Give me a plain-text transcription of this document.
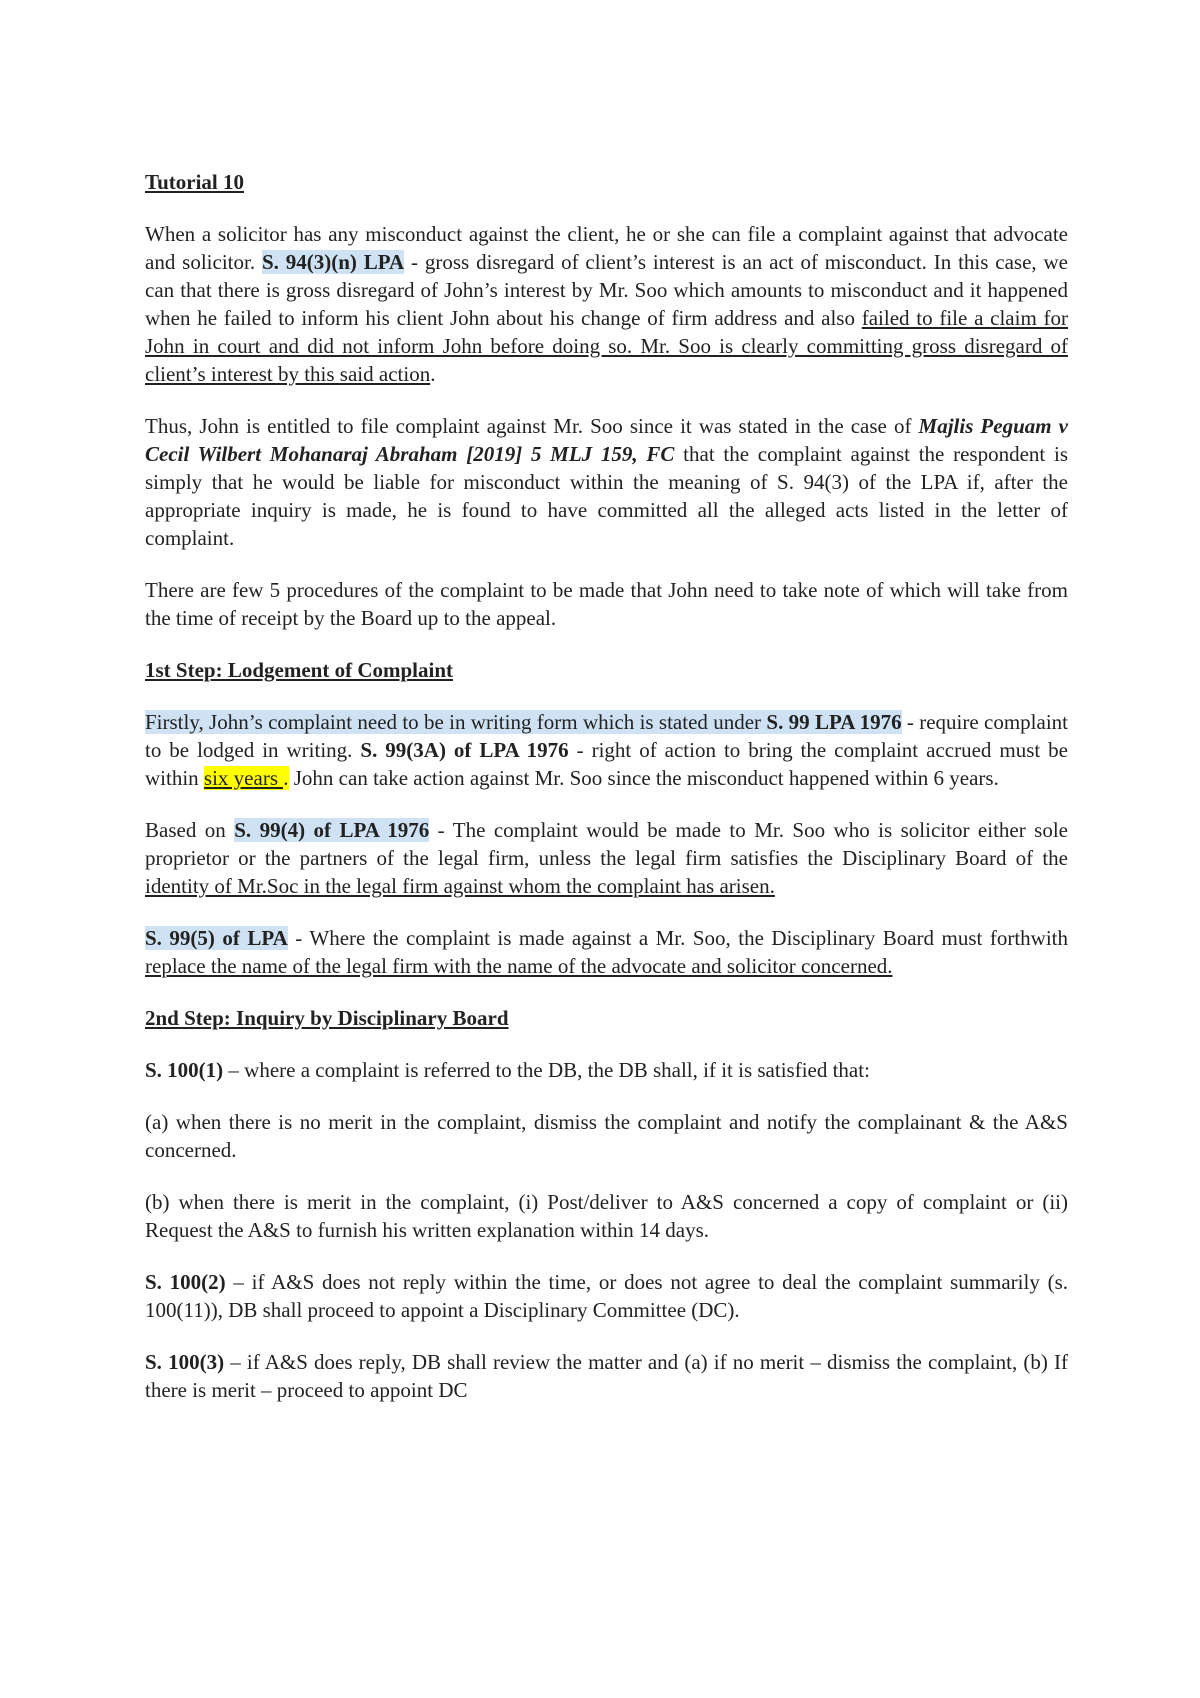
Tutorial 10

When a solicitor has any misconduct against the client, he or she can file a complaint against that advocate and solicitor. S. 94(3)(n) LPA - gross disregard of client’s interest is an act of misconduct. In this case, we can that there is gross disregard of John’s interest by Mr. Soo which amounts to misconduct and it happened when he failed to inform his client John about his change of firm address and also failed to file a claim for John in court and did not inform John before doing so. Mr. Soo is clearly committing gross disregard of client’s interest by this said action.

Thus, John is entitled to file complaint against Mr. Soo since it was stated in the case of Majlis Peguam v Cecil Wilbert Mohanaraj Abraham [2019] 5 MLJ 159, FC that the complaint against the respondent is simply that he would be liable for misconduct within the meaning of S. 94(3) of the LPA if, after the appropriate inquiry is made, he is found to have committed all the alleged acts listed in the letter of complaint.

There are few 5 procedures of the complaint to be made that John need to take note of which will take from the time of receipt by the Board up to the appeal.

1st Step: Lodgement of Complaint

Firstly, John’s complaint need to be in writing form which is stated under S. 99 LPA 1976 - require complaint to be lodged in writing. S. 99(3A) of LPA 1976 - right of action to bring the complaint accrued must be within six years . John can take action against Mr. Soo since the misconduct happened within 6 years.

Based on S. 99(4) of LPA 1976 - The complaint would be made to Mr. Soo who is solicitor either sole proprietor or the partners of the legal firm, unless the legal firm satisfies the Disciplinary Board of the identity of Mr.Soc in the legal firm against whom the complaint has arisen.

S. 99(5) of LPA - Where the complaint is made against a Mr. Soo, the Disciplinary Board must forthwith replace the name of the legal firm with the name of the advocate and solicitor concerned.

2nd Step: Inquiry by Disciplinary Board

S. 100(1) – where a complaint is referred to the DB, the DB shall, if it is satisfied that:

(a) when there is no merit in the complaint, dismiss the complaint and notify the complainant & the A&S concerned.

(b) when there is merit in the complaint, (i) Post/deliver to A&S concerned a copy of complaint or (ii) Request the A&S to furnish his written explanation within 14 days.

S. 100(2) – if A&S does not reply within the time, or does not agree to deal the complaint summarily (s. 100(11)), DB shall proceed to appoint a Disciplinary Committee (DC).

S. 100(3) – if A&S does reply, DB shall review the matter and (a) if no merit – dismiss the complaint, (b) If there is merit – proceed to appoint DC
